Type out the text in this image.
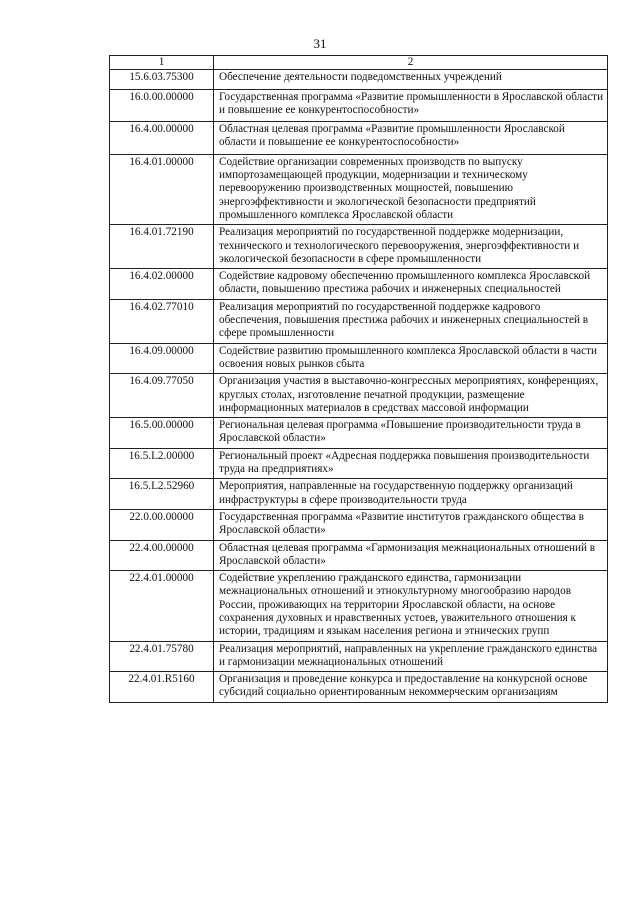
31
1	2
15.6.03.75300	Обеспечение деятельности подведомственных учреждений
16.0.00.00000	Государственная программа «Развитие промышленности в Ярославской области и повышение ее конкурентоспособности»
16.4.00.00000	Областная целевая программа «Развитие промышленности Ярославской области и повышение ее конкурентоспособности»
16.4.01.00000	Содействие организации современных производств по выпуску импортозамещающей продукции, модернизации и техническому перевооружению производственных мощностей, повышению энергоэффективности и экологической безопасности предприятий промышленного комплекса Ярославской области
16.4.01.72190	Реализация мероприятий по государственной поддержке модернизации, технического и технологического перевооружения, энергоэффективности и экологической безопасности в сфере промышленности
16.4.02.00000	Содействие кадровому обеспечению промышленного комплекса Ярославской области, повышению престижа рабочих и инженерных специальностей
16.4.02.77010	Реализация мероприятий по государственной поддержке кадрового обеспечения, повышения престижа рабочих и инженерных специальностей в сфере промышленности
16.4.09.00000	Содействие развитию промышленного комплекса Ярославской области в части освоения новых рынков сбыта
16.4.09.77050	Организация участия в выставочно-конгрессных мероприятиях, конференциях, круглых столах, изготовление печатной продукции, размещение информационных материалов в средствах массовой информации
16.5.00.00000	Региональная целевая программа «Повышение производительности труда в Ярославской области»
16.5.L2.00000	Региональный проект «Адресная поддержка повышения производительности труда на предприятиях»
16.5.L2.52960	Мероприятия, направленные на государственную поддержку организаций инфраструктуры в сфере производительности труда
22.0.00.00000	Государственная программа «Развитие институтов гражданского общества в Ярославской области»
22.4.00.00000	Областная целевая программа «Гармонизация межнациональных отношений в Ярославской области»
22.4.01.00000	Содействие укреплению гражданского единства, гармонизации межнациональных отношений и этнокультурному многообразию народов России, проживающих на территории Ярославской области, на основе сохранения духовных и нравственных устоев, уважительного отношения к истории, традициям и языкам населения региона и этнических групп
22.4.01.75780	Реализация мероприятий, направленных на укрепление гражданского единства и гармонизации межнациональных отношений
22.4.01.R5160	Организация и проведение конкурса и предоставление на конкурсной основе субсидий социально ориентированным некоммерческим организациям
